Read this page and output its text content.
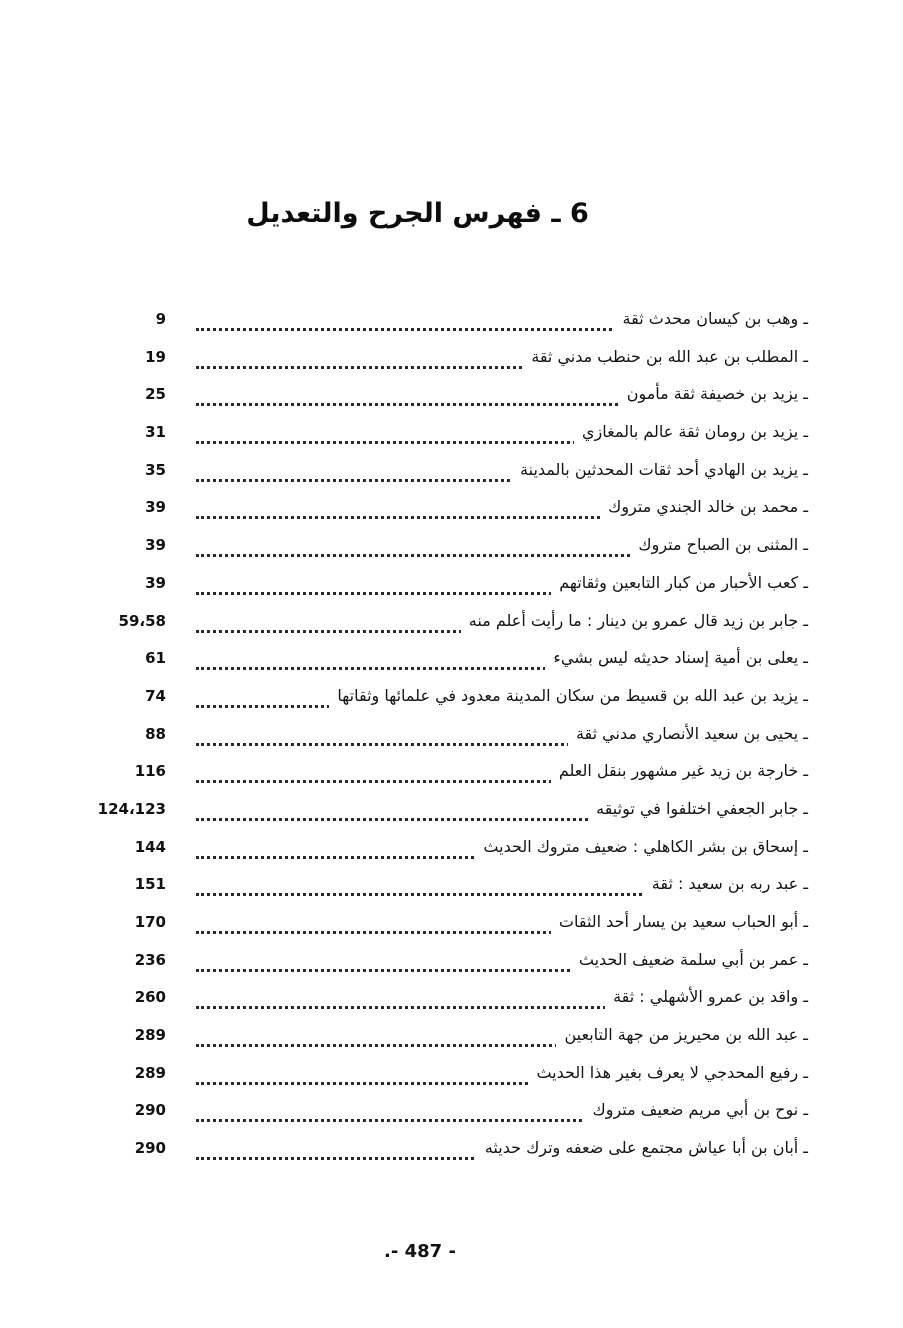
6 ـ فهرس الجرح والتعديل
ـ وهب بن كيسان محدث ثقة
9
ـ المطلب بن عبد الله بن حنطب مدني ثقة
19
ـ يزيد بن خصيفة ثقة مأمون
25
ـ يزيد بن رومان ثقة عالم بالمغازي
31
ـ يزيد بن الهادي أحد ثقات المحدثين بالمدينة
35
ـ محمد بن خالد الجندي متروك
39
ـ المثنى بن الصباح متروك
39
ـ كعب الأحبار من كبار التابعين وثقاتهم
39
ـ جابر بن زيد قال عمرو بن دينار : ما رأيت أعلم منه
59،58
ـ يعلى بن أمية إسناد حديثه ليس بشيء
61
ـ يزيد بن عبد الله بن قسيط من سكان المدينة معدود في علمائها وثقاتها
74
ـ يحيى بن سعيد الأنصاري مدني ثقة
88
ـ خارجة بن زيد غير مشهور بنقل العلم
116
ـ جابر الجعفي اختلفوا في توثيقه
124،123
ـ إسحاق بن بشر الكاهلي : ضعيف متروك الحديث
144
ـ عبد ربه بن سعيد : ثقة
151
ـ أبو الحباب سعيد بن يسار أحد الثقات
170
ـ عمر بن أبي سلمة ضعيف الحديث
236
ـ واقد بن عمرو الأشهلي : ثقة
260
ـ عبد الله بن محيريز من جهة التابعين
289
ـ رفيع المحدجي لا يعرف بغير هذا الحديث
289
ـ نوح بن أبي مريم ضعيف متروك
290
ـ أبان بن أبا عياش مجتمع على ضعفه وترك حديثه
290
.- 487 -
